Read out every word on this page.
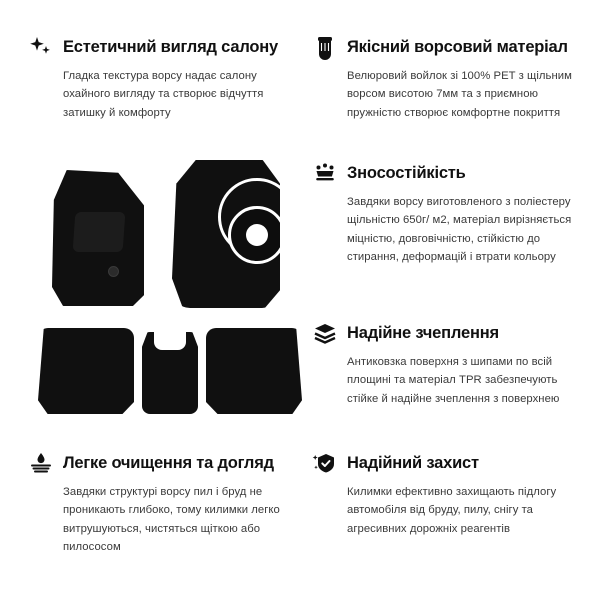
Естетичний вигляд салону
Гладка текстура ворсу надає салону охайного вигляду та створює відчуття затишку й комфорту
Якісний ворсовий матеріал
Велюровий войлок зі 100% PET з щільним ворсом висотою 7мм та з приємною пружністю створює комфортне покриття
Зносостійкість
Завдяки ворсу виготовленого з поліестеру щільністю 650г/ м2, матеріал вирізняється міцністю, довговічністю, стійкістю до стирання, деформацій і втрати кольору
Надійне зчеплення
Антиковзка поверхня з шипами по всій площині та матеріал TPR забезпечують стійке й надійне зчеплення з поверхнею
Легке очищення та догляд
Завдяки структурі ворсу пил і бруд не проникають глибоко, тому килимки легко витрушуються, чистяться щіткою або пилососом
Надійний захист
Килимки ефективно захищають підлогу автомобіля від бруду, пилу, снігу та агресивних дорожніх реагентів
